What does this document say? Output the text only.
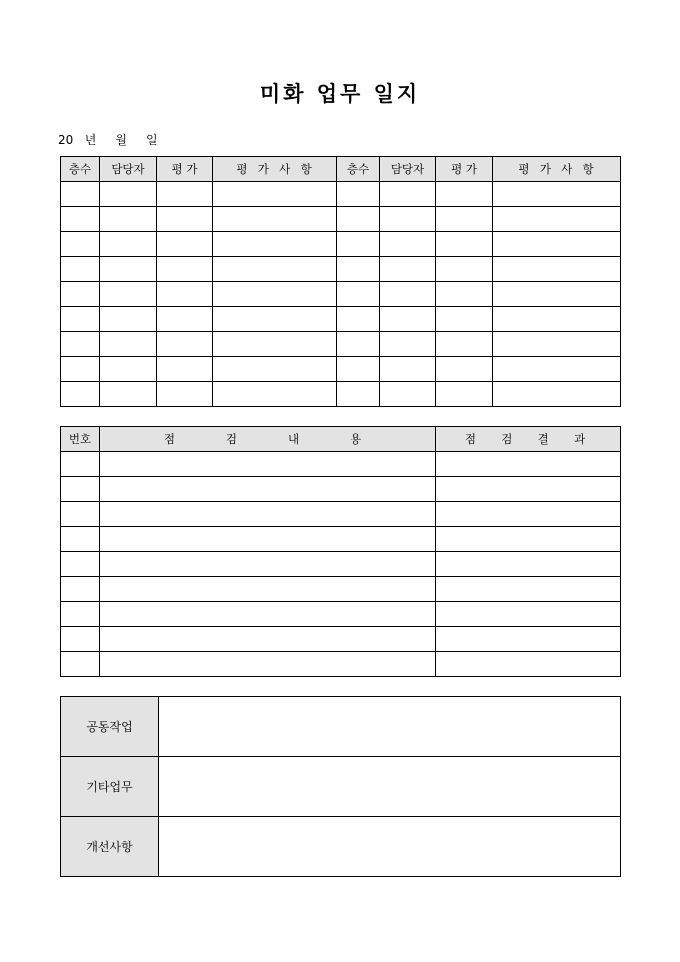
미화 업무 일지
20   년     월     일
층수	담당자	평 가	평  가  사  항	층수	담당자	평 가	평  가  사  항

번호	점   검   내   용	점  검  결  과

공동작업	
기타업무	
개선사항	
